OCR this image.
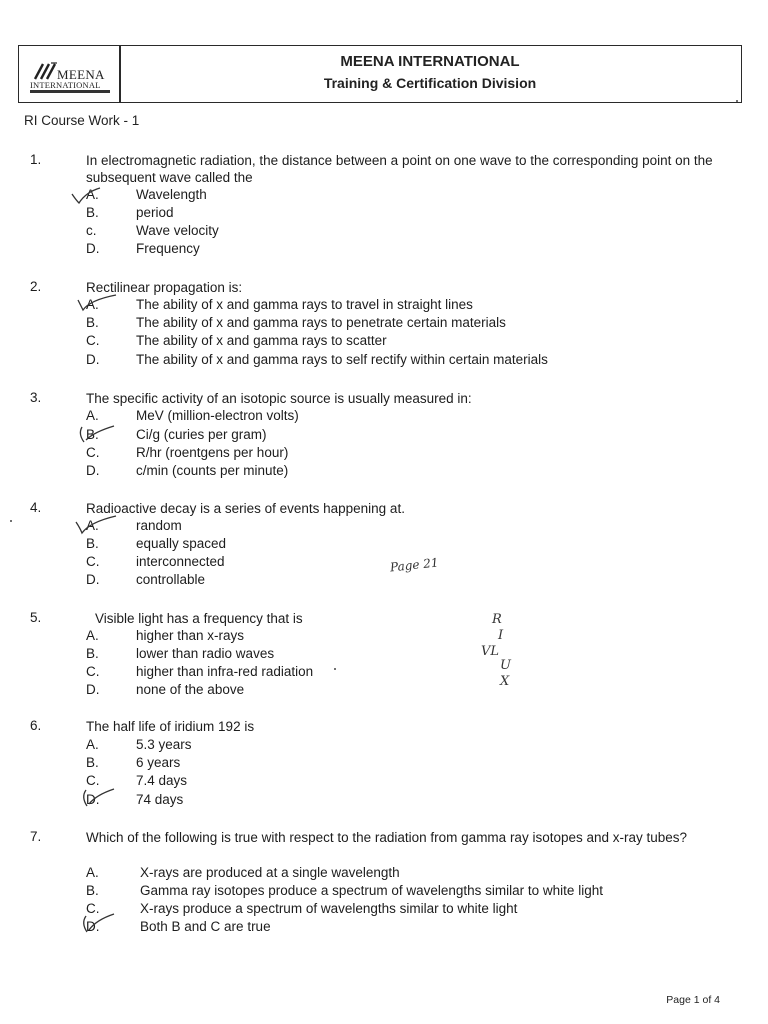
MEENA
INTERNATIONAL
MEENA INTERNATIONAL
Training & Certification Division
RI Course Work - 1
1.	In electromagnetic radiation, the distance between a point on one wave to the corresponding point on the subsequent wave called the
A.	Wavelength
B.	period
c.	Wave velocity
D.	Frequency
2.	Rectilinear propagation is:
A.	The ability of x and gamma rays to travel in straight lines
B.	The ability of x and gamma rays to penetrate certain materials
C.	The ability of x and gamma rays to scatter
D.	The ability of x and gamma rays to self rectify within certain materials
3.	The specific activity of an isotopic source is usually measured in:
A.	MeV (million-electron volts)
B.	Ci/g (curies per gram)
C.	R/hr (roentgens per hour)
D.	c/min (counts per minute)
4.	Radioactive decay is a series of events happening at.
A.	random
B.	equally spaced
C.	interconnected
D.	controllable
5.	Visible light has a frequency that is
A.	higher than x-rays
B.	lower than radio waves
C.	higher than infra-red radiation
D.	none of the above
6.	The half life of iridium 192 is
A.	5.3 years
B.	6 years
C.	7.4 days
D.	74 days
7.	Which of the following is true with respect to the radiation from gamma ray isotopes and x-ray tubes?
A.	X-rays are produced at a single wavelength
B.	Gamma ray isotopes produce a spectrum of wavelengths similar to white light
C.	X-rays produce a spectrum of wavelengths similar to white light
D.	Both B and C are true
Page 21
R
I
VL
U
X
Page 1 of 4
